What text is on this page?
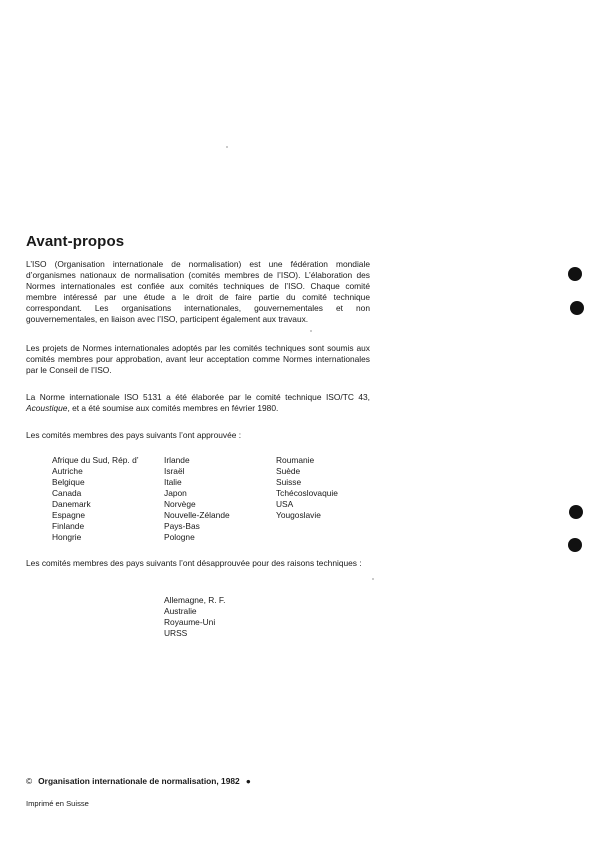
Avant-propos
L’ISO (Organisation internationale de normalisation) est une fédération mondiale d’organismes nationaux de normalisation (comités membres de l’ISO). L’élaboration des Normes internationales est confiée aux comités techniques de l’ISO. Chaque comité membre intéressé par une étude a le droit de faire partie du comité technique correspondant. Les organisations internationales, gouvernementales et non gouvernementales, en liaison avec l’ISO, participent également aux travaux.
Les projets de Normes internationales adoptés par les comités techniques sont soumis aux comités membres pour approbation, avant leur acceptation comme Normes internationales par le Conseil de l’ISO.
La Norme internationale ISO 5131 a été élaborée par le comité technique ISO/TC 43, Acoustique, et a été soumise aux comités membres en février 1980.
Les comités membres des pays suivants l’ont approuvée :
Afrique du Sud, Rép. d’
Autriche
Belgique
Canada
Danemark
Espagne
Finlande
Hongrie
Irlande
Israël
Italie
Japon
Norvège
Nouvelle-Zélande
Pays-Bas
Pologne
Roumanie
Suède
Suisse
Tchécoslovaquie
USA
Yougoslavie
Les comités membres des pays suivants l’ont désapprouvée pour des raisons techniques :
Allemagne, R. F.
Australie
Royaume-Uni
URSS
© Organisation internationale de normalisation, 1982 ●
Imprimé en Suisse
